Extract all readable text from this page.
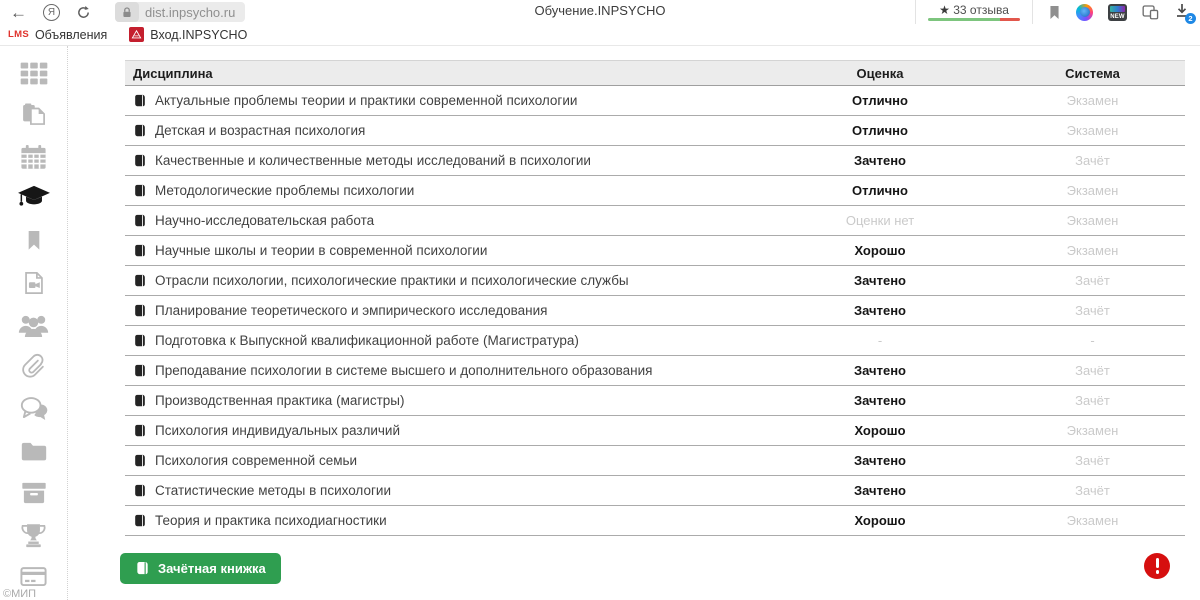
←	Я	dist.inpsycho.ru	Обучение.INPSYCHO	★ 33 отзыва	NEW	2
LMS Объявления	Вход.INPSYCHO
©МИП
Дисциплина	Оценка	Система
Актуальные проблемы теории и практики современной психологии	Отлично	Экзамен
Детская и возрастная психология	Отлично	Экзамен
Качественные и количественные методы исследований в психологии	Зачтено	Зачёт
Методологические проблемы психологии	Отлично	Экзамен
Научно-исследовательская работа	Оценки нет	Экзамен
Научные школы и теории в современной психологии	Хорошо	Экзамен
Отрасли психологии, психологические практики и психологические службы	Зачтено	Зачёт
Планирование теоретического и эмпирического исследования	Зачтено	Зачёт
Подготовка к Выпускной квалификационной работе (Магистратура)	-	-
Преподавание психологии в системе высшего и дополнительного образования	Зачтено	Зачёт
Производственная практика (магистры)	Зачтено	Зачёт
Психология индивидуальных различий	Хорошо	Экзамен
Психология современной семьи	Зачтено	Зачёт
Статистические методы в психологии	Зачтено	Зачёт
Теория и практика психодиагностики	Хорошо	Экзамен
Зачётная книжка
